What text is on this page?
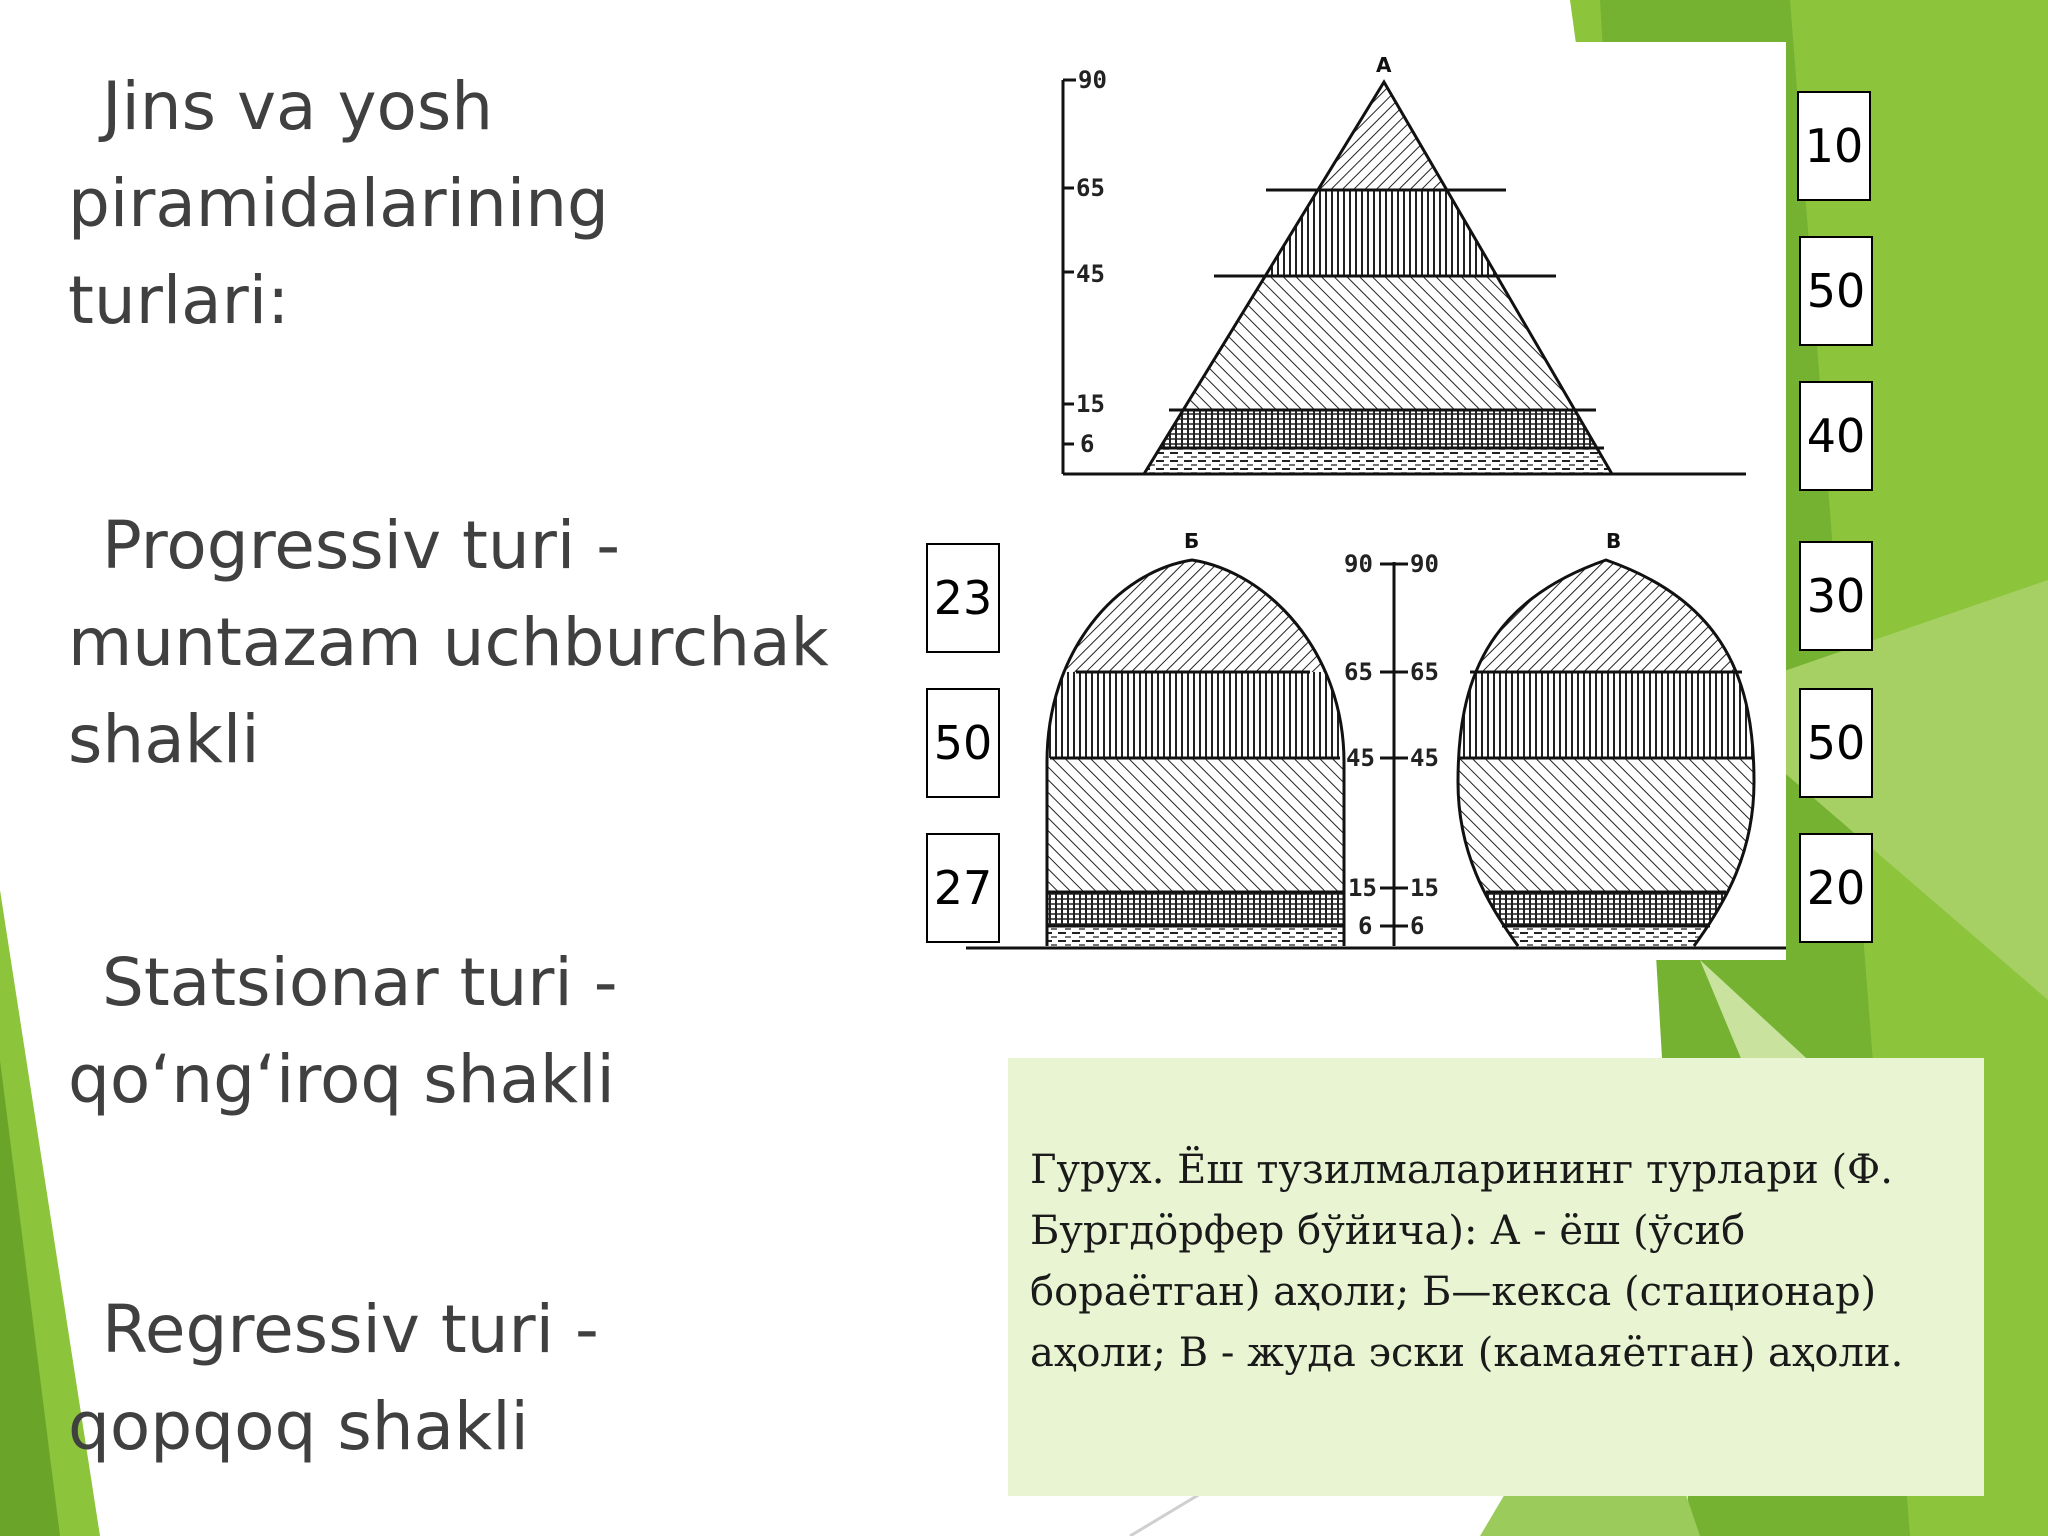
Jins va yosh
piramidalarining
turlari:

Progressiv turi -
muntazam uchburchak
shakli

Statsionar turi -
qo‘ng‘iroq shakli

Regressiv turi -
qopqoq shakli

А
90
65
45
15
6
Б	В
90
65
45
15
6
90
65
45
15
6
10
50
40
23
50
27
30
50
20
Гурух. Ёш тузилмаларининг турлари (Ф.
Бургдӧрфер бўйича): А - ёш (ўсиб
бораётган) аҳоли; Б—кекса (стационар)
аҳоли; В - жуда эски (камаяётган) аҳоли.
